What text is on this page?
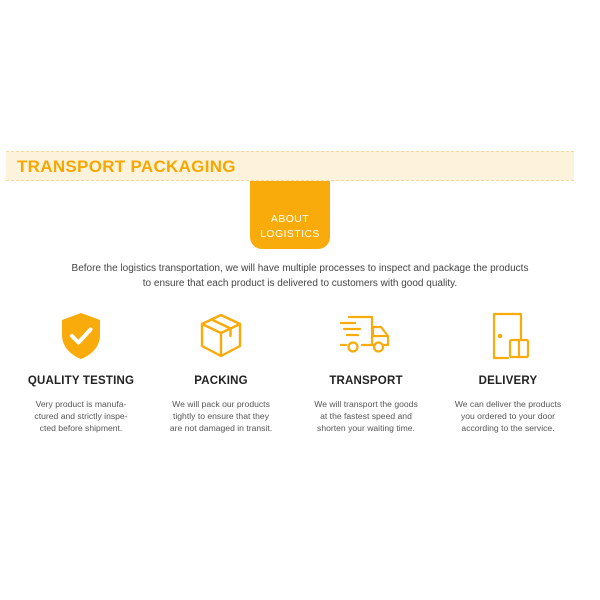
TRANSPORT PACKAGING
ABOUT
LOGISTICS
Before the logistics transportation, we will have multiple processes to inspect and package the products
to ensure that each product is delivered to customers with good quality.
QUALITY TESTING
Very product is manufa-
ctured and strictly inspe-
cted before shipment.
PACKING
We will pack our products
tightly to ensure that they
are not damaged in transit.
TRANSPORT
We will transport the goods
at the fastest speed and
shorten your waiting time.
DELIVERY
We can deliver the products
you ordered to your door
according to the service.
